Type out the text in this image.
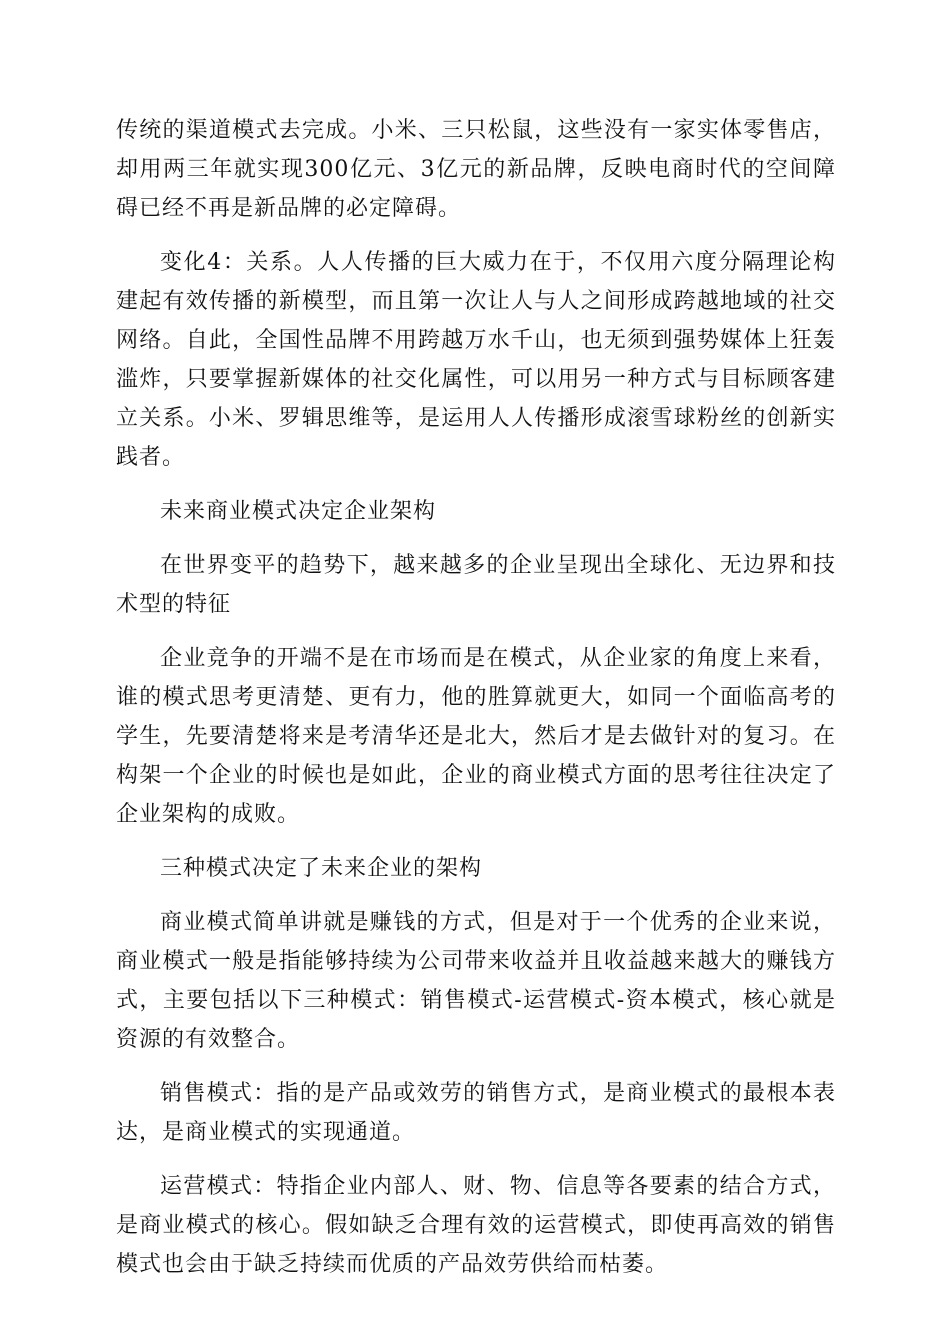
传统的渠道模式去完成。小米、三只松鼠，这些没有一家实体零售店，却用两三年就实现300亿元、3亿元的新品牌，反映电商时代的空间障碍已经不再是新品牌的必定障碍。

变化4：关系。人人传播的巨大威力在于，不仅用六度分隔理论构建起有效传播的新模型，而且第一次让人与人之间形成跨越地域的社交网络。自此，全国性品牌不用跨越万水千山，也无须到强势媒体上狂轰滥炸，只要掌握新媒体的社交化属性，可以用另一种方式与目标顾客建立关系。小米、罗辑思维等，是运用人人传播形成滚雪球粉丝的创新实践者。

未来商业模式决定企业架构

在世界变平的趋势下，越来越多的企业呈现出全球化、无边界和技术型的特征

企业竞争的开端不是在市场而是在模式，从企业家的角度上来看，谁的模式思考更清楚、更有力，他的胜算就更大，如同一个面临高考的学生，先要清楚将来是考清华还是北大，然后才是去做针对的复习。在构架一个企业的时候也是如此，企业的商业模式方面的思考往往决定了企业架构的成败。

三种模式决定了未来企业的架构

商业模式简单讲就是赚钱的方式，但是对于一个优秀的企业来说，商业模式一般是指能够持续为公司带来收益并且收益越来越大的赚钱方式，主要包括以下三种模式：销售模式-运营模式-资本模式，核心就是资源的有效整合。

销售模式：指的是产品或效劳的销售方式，是商业模式的最根本表达，是商业模式的实现通道。

运营模式：特指企业内部人、财、物、信息等各要素的结合方式，是商业模式的核心。假如缺乏合理有效的运营模式，即使再高效的销售模式也会由于缺乏持续而优质的产品效劳供给而枯萎。
